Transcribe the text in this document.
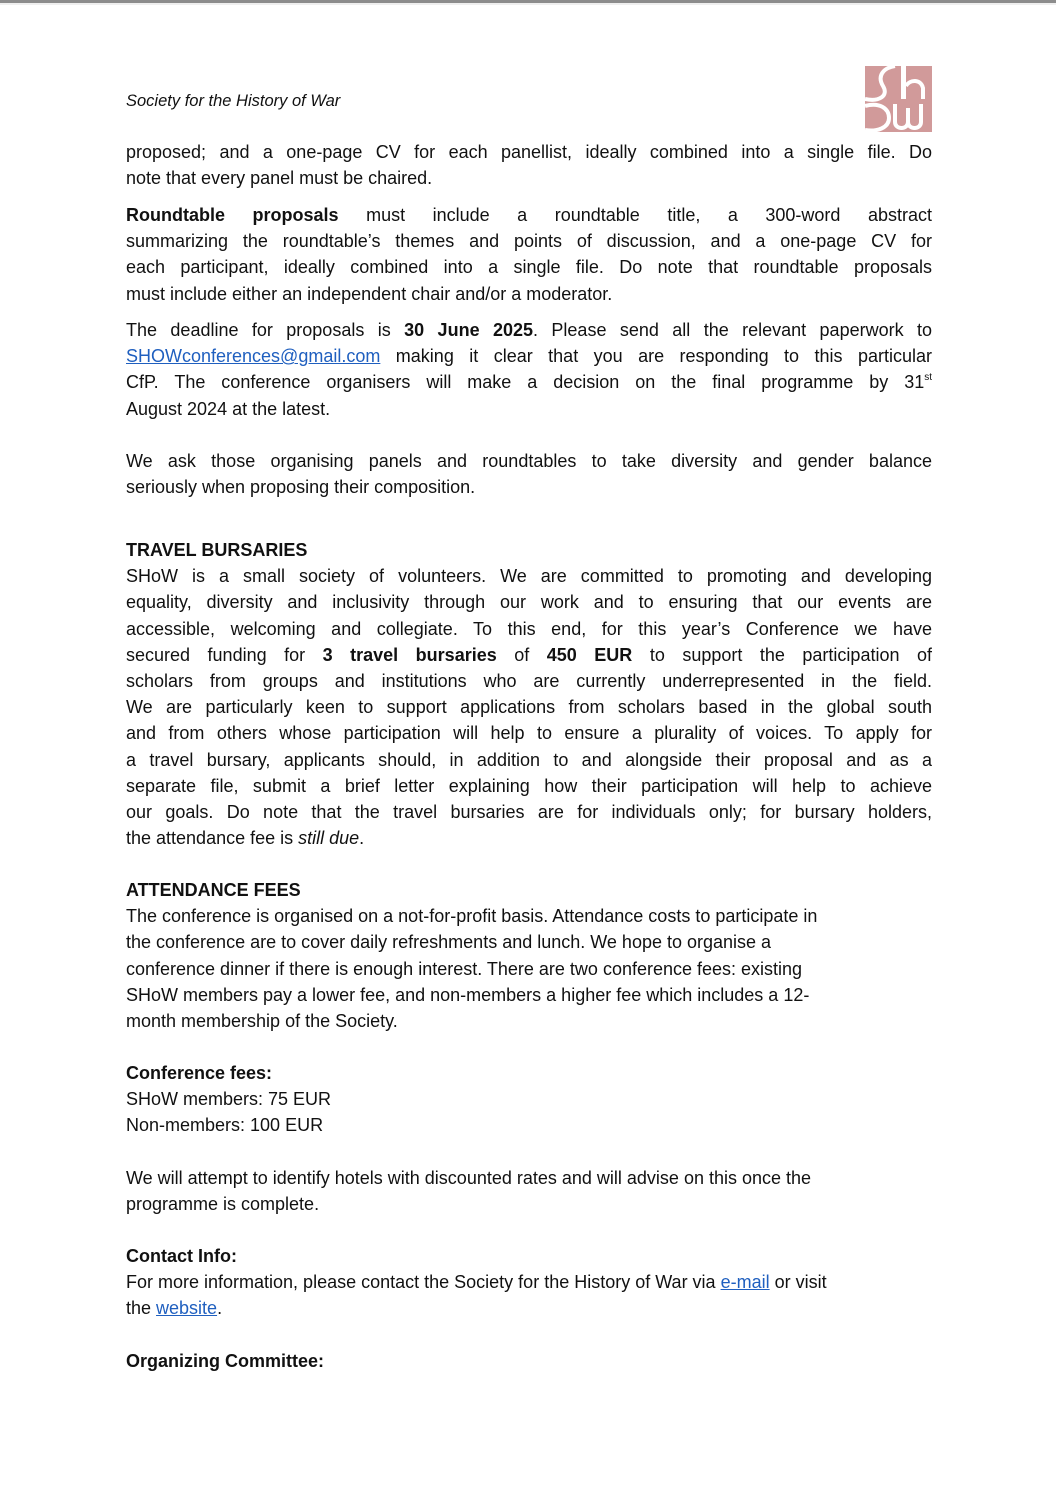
Society for the History of War
proposed; and a one-page CV for each panellist, ideally combined into a single file. Do
note that every panel must be chaired.
Roundtable proposals must include a roundtable title, a 300-word abstract
summarizing the roundtable’s themes and points of discussion, and a one-page CV for
each participant, ideally combined into a single file. Do note that roundtable proposals
must include either an independent chair and/or a moderator.
The deadline for proposals is 30 June 2025. Please send all the relevant paperwork to
SHOWconferences@gmail.com making it clear that you are responding to this particular
CfP. The conference organisers will make a decision on the final programme by 31st
August 2024 at the latest.
We ask those organising panels and roundtables to take diversity and gender balance
seriously when proposing their composition.
TRAVEL BURSARIES
SHoW is a small society of volunteers. We are committed to promoting and developing
equality, diversity and inclusivity through our work and to ensuring that our events are
accessible, welcoming and collegiate. To this end, for this year’s Conference we have
secured funding for 3 travel bursaries of 450 EUR to support the participation of
scholars from groups and institutions who are currently underrepresented in the field.
We are particularly keen to support applications from scholars based in the global south
and from others whose participation will help to ensure a plurality of voices. To apply for
a travel bursary, applicants should, in addition to and alongside their proposal and as a
separate file, submit a brief letter explaining how their participation will help to achieve
our goals. Do note that the travel bursaries are for individuals only; for bursary holders,
the attendance fee is still due.
ATTENDANCE FEES
The conference is organised on a not-for-profit basis. Attendance costs to participate in
the conference are to cover daily refreshments and lunch. We hope to organise a
conference dinner if there is enough interest. There are two conference fees: existing
SHoW members pay a lower fee, and non-members a higher fee which includes a 12-
month membership of the Society.
Conference fees:
SHoW members: 75 EUR
Non-members: 100 EUR
We will attempt to identify hotels with discounted rates and will advise on this once the
programme is complete.
Contact Info:
For more information, please contact the Society for the History of War via e-mail or visit
the website.
Organizing Committee:
